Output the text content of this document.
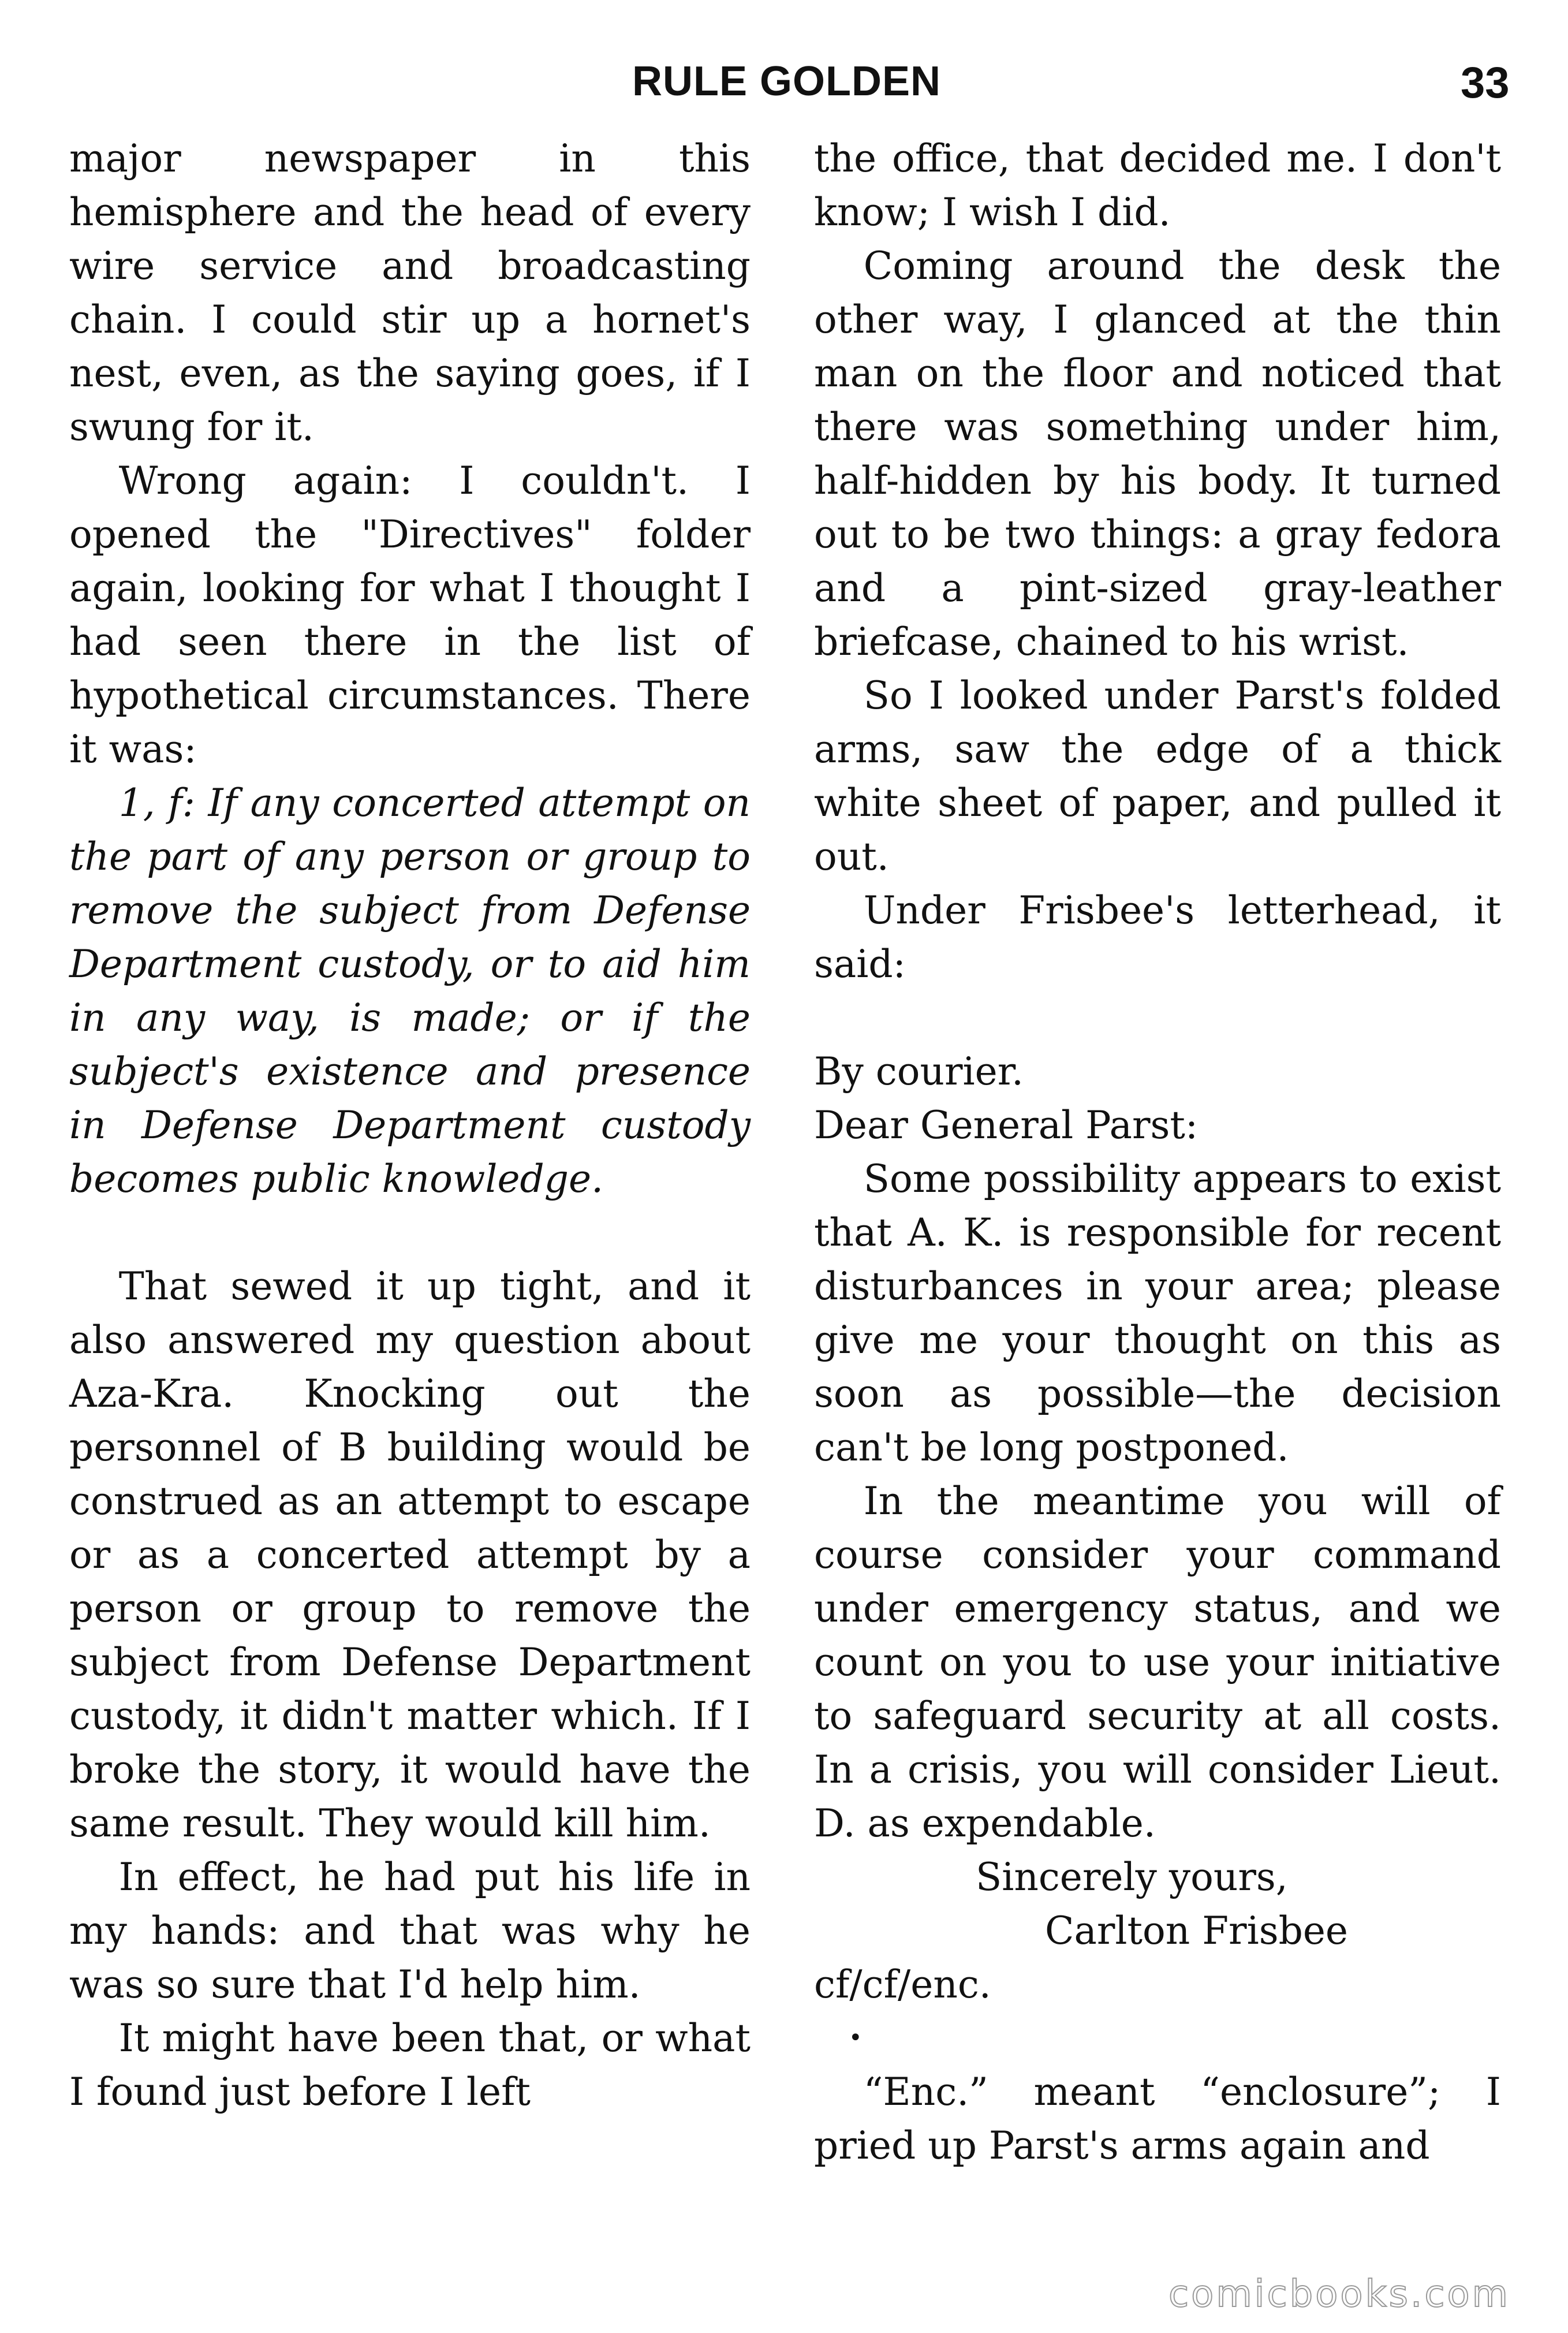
RULE GOLDEN	33

major newspaper in this hemisphere and the head of every wire service and broadcasting chain. I could stir up a hornet's nest, even, as the saying goes, if I swung for it.

Wrong again: I couldn't. I opened the "Directives" folder again, looking for what I thought I had seen there in the list of hypothetical circumstances. There it was:

1, f: If any concerted attempt on the part of any person or group to remove the subject from Defense Department custody, or to aid him in any way, is made; or if the subject's existence and presence in Defense Department custody becomes public knowledge.

That sewed it up tight, and it also answered my question about Aza-Kra. Knocking out the personnel of B building would be construed as an attempt to escape or as a concerted attempt by a person or group to remove the subject from Defense Department custody, it didn't matter which. If I broke the story, it would have the same result. They would kill him.

In effect, he had put his life in my hands: and that was why he was so sure that I'd help him.

It might have been that, or what I found just before I left

the office, that decided me. I don't know; I wish I did.

Coming around the desk the other way, I glanced at the thin man on the floor and noticed that there was something under him, half-hidden by his body. It turned out to be two things: a gray fedora and a pint-sized gray-leather briefcase, chained to his wrist.

So I looked under Parst's folded arms, saw the edge of a thick white sheet of paper, and pulled it out.

Under Frisbee's letterhead, it said:

By courier.

Dear General Parst:

Some possibility appears to exist that A. K. is responsible for recent disturbances in your area; please give me your thought on this as soon as possible—the decision can't be long postponed.

In the meantime you will of course consider your command under emergency status, and we count on you to use your initiative to safeguard security at all costs. In a crisis, you will consider Lieut. D. as expendable.

Sincerely yours,

Carlton Frisbee

cf/cf/enc.

•

“Enc.” meant “enclosure”; I pried up Parst's arms again and

comicbooks.com
